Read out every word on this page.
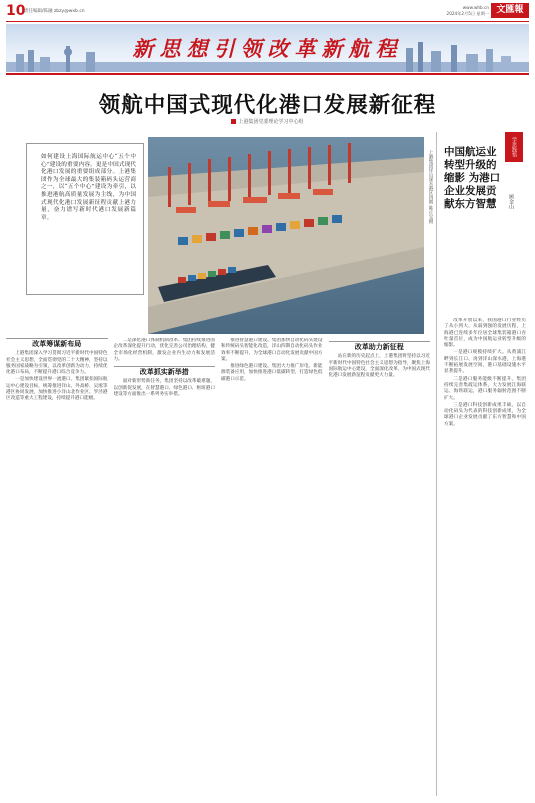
10
责任编辑/陈融 zbzy@wxb.cn
www.whb.cn
2024年2月5日 星期一 文匯報
新思想引领改革新航程
领航中国式现代化港口发展新征程
上港集团党委理论学习中心组

如何建设上海国际航运中心“五个中心”建设的重要内容，更是中国式现代化港口发展的重要组成部分。上港集团作为全球最大的集装箱码头运营商之一，以“五个中心”建设为牵引，以推进港航高质量发展为主线，为中国式现代化港口发展新征程贡献上港力量，奋力谱写新时代港口发展新篇章。	上港集团洋山深水港区四期 陈正宝摄
学思践悟
中国航运业转型升级的缩影 为港口企业发展贡献东方智慧	顾金山

改革开放以来，我国港口行业经历了从小到大、从弱到强的发展历程，上海港已连续多年位居全球集装箱港口吞吐量首位，成为中国航运业转型升级的缩影。

一是港口规模持续扩大。从黄浦江畔到长江口、再到洋山深水港，上海港不断拓展发展空间，港口基础设施水平显著提升。

二是港口服务能级不断提升。集团持续完善集疏运体系，大力发展江海联运、海铁联运，港口服务辐射范围不断扩大。

三是港口科技创新成果丰硕。以自动化码头为代表的科技创新成果，为全球港口企业发展贡献了东方智慧和中国方案。

改革筹谋新布局

上港集团深入学习贯彻习近平新时代中国特色社会主义思想，全面贯彻党的二十大精神，坚持以服务国家战略为引领，以改革创新为动力，持续优化港口布局，不断提升港口综合竞争力。

一是加快建设世界一流港口。集团紧扣国际航运中心建设目标，统筹推进洋山、外高桥、吴淞等港区协同发展，加快推进小洋山北作业区、罗泾港区改造等重大工程建设，持续提升港口能级。

二是深化港口体制机制改革。集团持续推进国企改革深化提升行动，优化完善公司治理结构，健全市场化经营机制，激发企业内生动力和发展活力。

改革抓实新举措

面对新形势新任务，集团坚持以改革破难题、以创新促发展，在智慧港口、绿色港口、枢纽港口建设等方面推出一系列务实举措。

推进智慧港口建设。集团加快自动化码头建设和传统码头智能化改造，洋山四期自动化码头作业效率不断提升，为全球港口自动化发展贡献中国方案。

推进绿色港口建设。集团大力推广岸电、新能源装备应用，加快推进港口低碳转型，打造绿色低碳港口示范。

改革助力新征程

站在新的历史起点上，上港集团将坚持以习近平新时代中国特色社会主义思想为指导，聚焦上海国际航运中心建设，全面深化改革，为中国式现代化港口发展新征程贡献更大力量。
